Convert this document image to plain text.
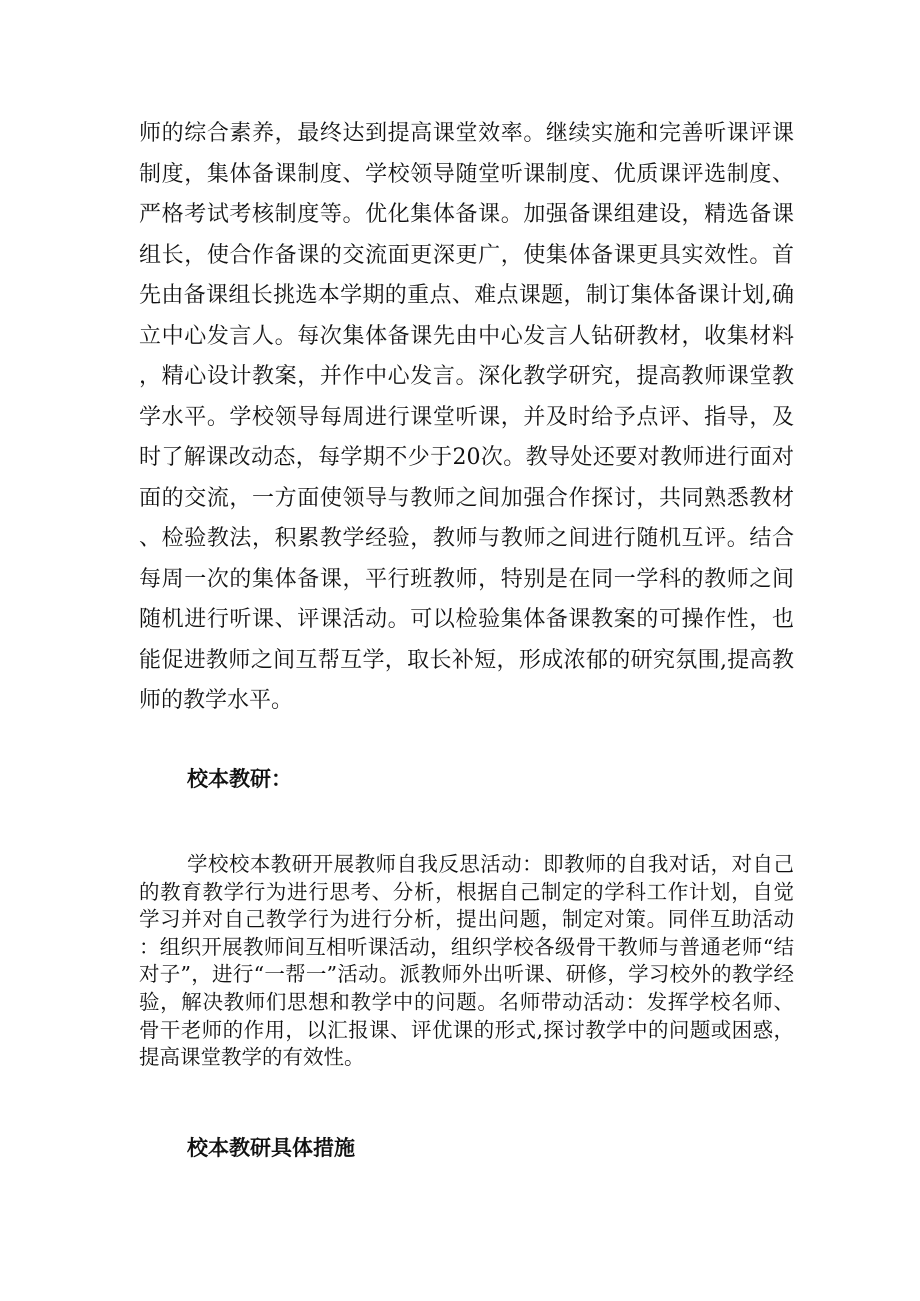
师的综合素养，最终达到提高课堂效率。继续实施和完善听课评课制度，集体备课制度、学校领导随堂听课制度、优质课评选制度、严格考试考核制度等。优化集体备课。加强备课组建设，精选备课组长，使合作备课的交流面更深更广，使集体备课更具实效性。首先由备课组长挑选本学期的重点、难点课题，制订集体备课计划,确立中心发言人。每次集体备课先由中心发言人钻研教材，收集材料，精心设计教案，并作中心发言。深化教学研究，提高教师课堂教学水平。学校领导每周进行课堂听课，并及时给予点评、指导，及时了解课改动态，每学期不少于20次。教导处还要对教师进行面对面的交流，一方面使领导与教师之间加强合作探讨，共同熟悉教材、检验教法，积累教学经验，教师与教师之间进行随机互评。结合每周一次的集体备课，平行班教师，特别是在同一学科的教师之间随机进行听课、评课活动。可以检验集体备课教案的可操作性，也能促进教师之间互帮互学，取长补短，形成浓郁的研究氛围,提高教师的教学水平。

校本教研：

学校校本教研开展教师自我反思活动：即教师的自我对话，对自己的教育教学行为进行思考、分析，根据自己制定的学科工作计划，自觉学习并对自己教学行为进行分析，提出问题，制定对策。同伴互助活动：组织开展教师间互相听课活动，组织学校各级骨干教师与普通老师“结对子”，进行“一帮一”活动。派教师外出听课、研修，学习校外的教学经验，解决教师们思想和教学中的问题。名师带动活动：发挥学校名师、骨干老师的作用，以汇报课、评优课的形式,探讨教学中的问题或困惑，提高课堂教学的有效性。

校本教研具体措施
